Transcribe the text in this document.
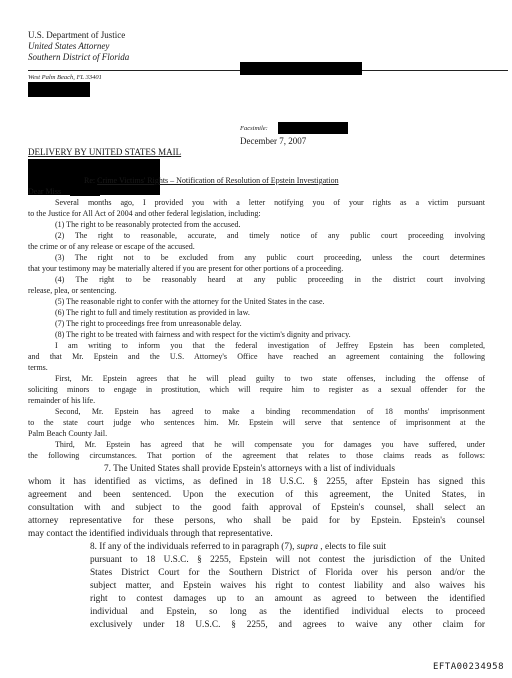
U.S. Department of Justice
United States Attorney
Southern District of Florida
West Palm Beach, FL 33401
Facsimile:
December 7, 2007
DELIVERY BY UNITED STATES MAIL
Re: Crime Victims' Rights – Notification of Resolution of Epstein Investigation
Dear Miss
Several months ago, I provided you with a letter notifying you of your rights as a victim pursuant
to the Justice for All Act of 2004 and other federal legislation, including:
(1) The right to be reasonably protected from the accused.
(2) The right to reasonable, accurate, and timely notice of any public court proceeding involving
the crime or of any release or escape of the accused.
(3) The right not to be excluded from any public court proceeding, unless the court determines
that your testimony may be materially altered if you are present for other portions of a proceeding.
(4) The right to be reasonably heard at any public proceeding in the district court involving
release, plea, or sentencing.
(5) The reasonable right to confer with the attorney for the United States in the case.
(6) The right to full and timely restitution as provided in law.
(7) The right to proceedings free from unreasonable delay.
(8) The right to be treated with fairness and with respect for the victim's dignity and privacy.
I am writing to inform you that the federal investigation of Jeffrey Epstein has been completed,
and that Mr. Epstein and the U.S. Attorney's Office have reached an agreement containing the following
terms.
First, Mr. Epstein agrees that he will plead guilty to two state offenses, including the offense of
soliciting minors to engage in prostitution, which will require him to register as a sexual offender for the
remainder of his life.
Second, Mr. Epstein has agreed to make a binding recommendation of 18 months' imprisonment
to the state court judge who sentences him. Mr. Epstein will serve that sentence of imprisonment at the
Palm Beach County Jail.
Third, Mr. Epstein has agreed that he will compensate you for damages you have suffered, under
the following circumstances. That portion of the agreement that relates to those claims reads as follows:
7. The United States shall provide Epstein's attorneys with a list of individuals
whom it has identified as victims, as defined in 18 U.S.C. § 2255, after Epstein has signed this
agreement and been sentenced. Upon the execution of this agreement, the United States, in
consultation with and subject to the good faith approval of Epstein's counsel, shall select an
attorney representative for these persons, who shall be paid for by Epstein. Epstein's counsel
may contact the identified individuals through that representative.
8. If any of the individuals referred to in paragraph (7), supra , elects to file suit
pursuant to 18 U.S.C. § 2255, Epstein will not contest the jurisdiction of the United
States District Court for the Southern District of Florida over his person and/or the
subject matter, and Epstein waives his right to contest liability and also waives his
right to contest damages up to an amount as agreed to between the identified
individual and Epstein, so long as the identified individual elects to proceed
exclusively under 18 U.S.C. § 2255, and agrees to waive any other claim for
EFTA00234958
